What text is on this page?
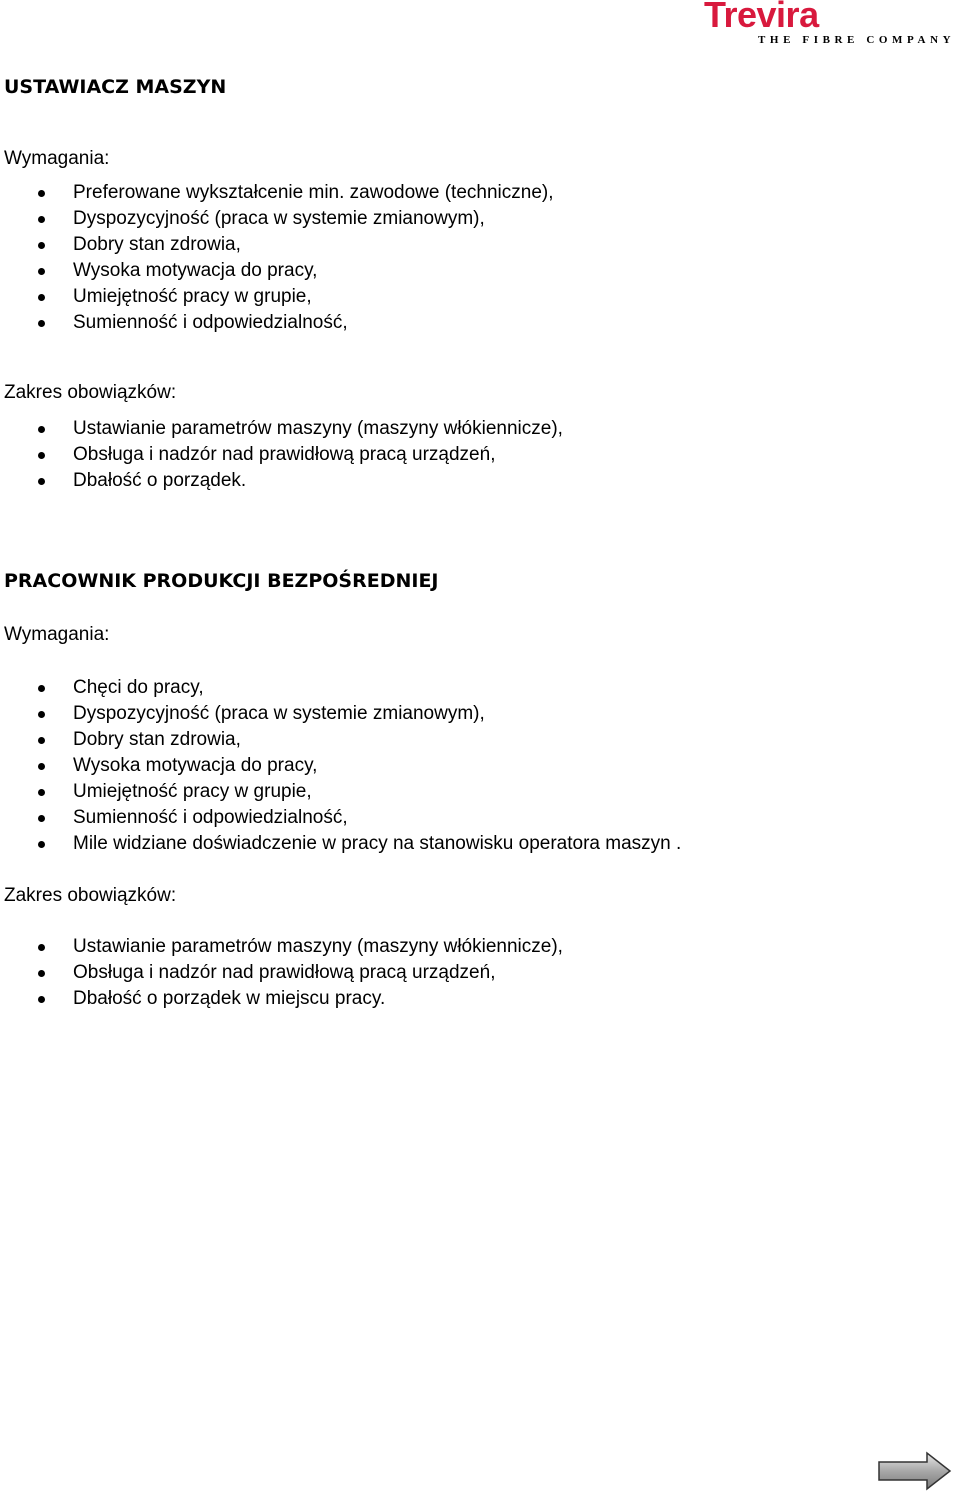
Trevira
THE FIBRE COMPANY
USTAWIACZ MASZYN

Wymagania:

Preferowane wykształcenie min. zawodowe (techniczne),
Dyspozycyjność (praca w systemie zmianowym),
Dobry stan zdrowia,
Wysoka motywacja do pracy,
Umiejętność pracy w grupie,
Sumienność i odpowiedzialność,

Zakres obowiązków:

Ustawianie parametrów maszyny (maszyny włókiennicze),
Obsługa i nadzór nad prawidłową pracą urządzeń,
Dbałość o porządek.
PRACOWNIK PRODUKCJI BEZPOŚREDNIEJ

Wymagania:

Chęci do pracy,
Dyspozycyjność (praca w systemie zmianowym),
Dobry stan zdrowia,
Wysoka motywacja do pracy,
Umiejętność pracy w grupie,
Sumienność i odpowiedzialność,
Mile widziane doświadczenie w pracy na stanowisku operatora maszyn .

Zakres obowiązków:

Ustawianie parametrów maszyny (maszyny włókiennicze),
Obsługa i nadzór nad prawidłową pracą urządzeń,
Dbałość o porządek w miejscu pracy.
